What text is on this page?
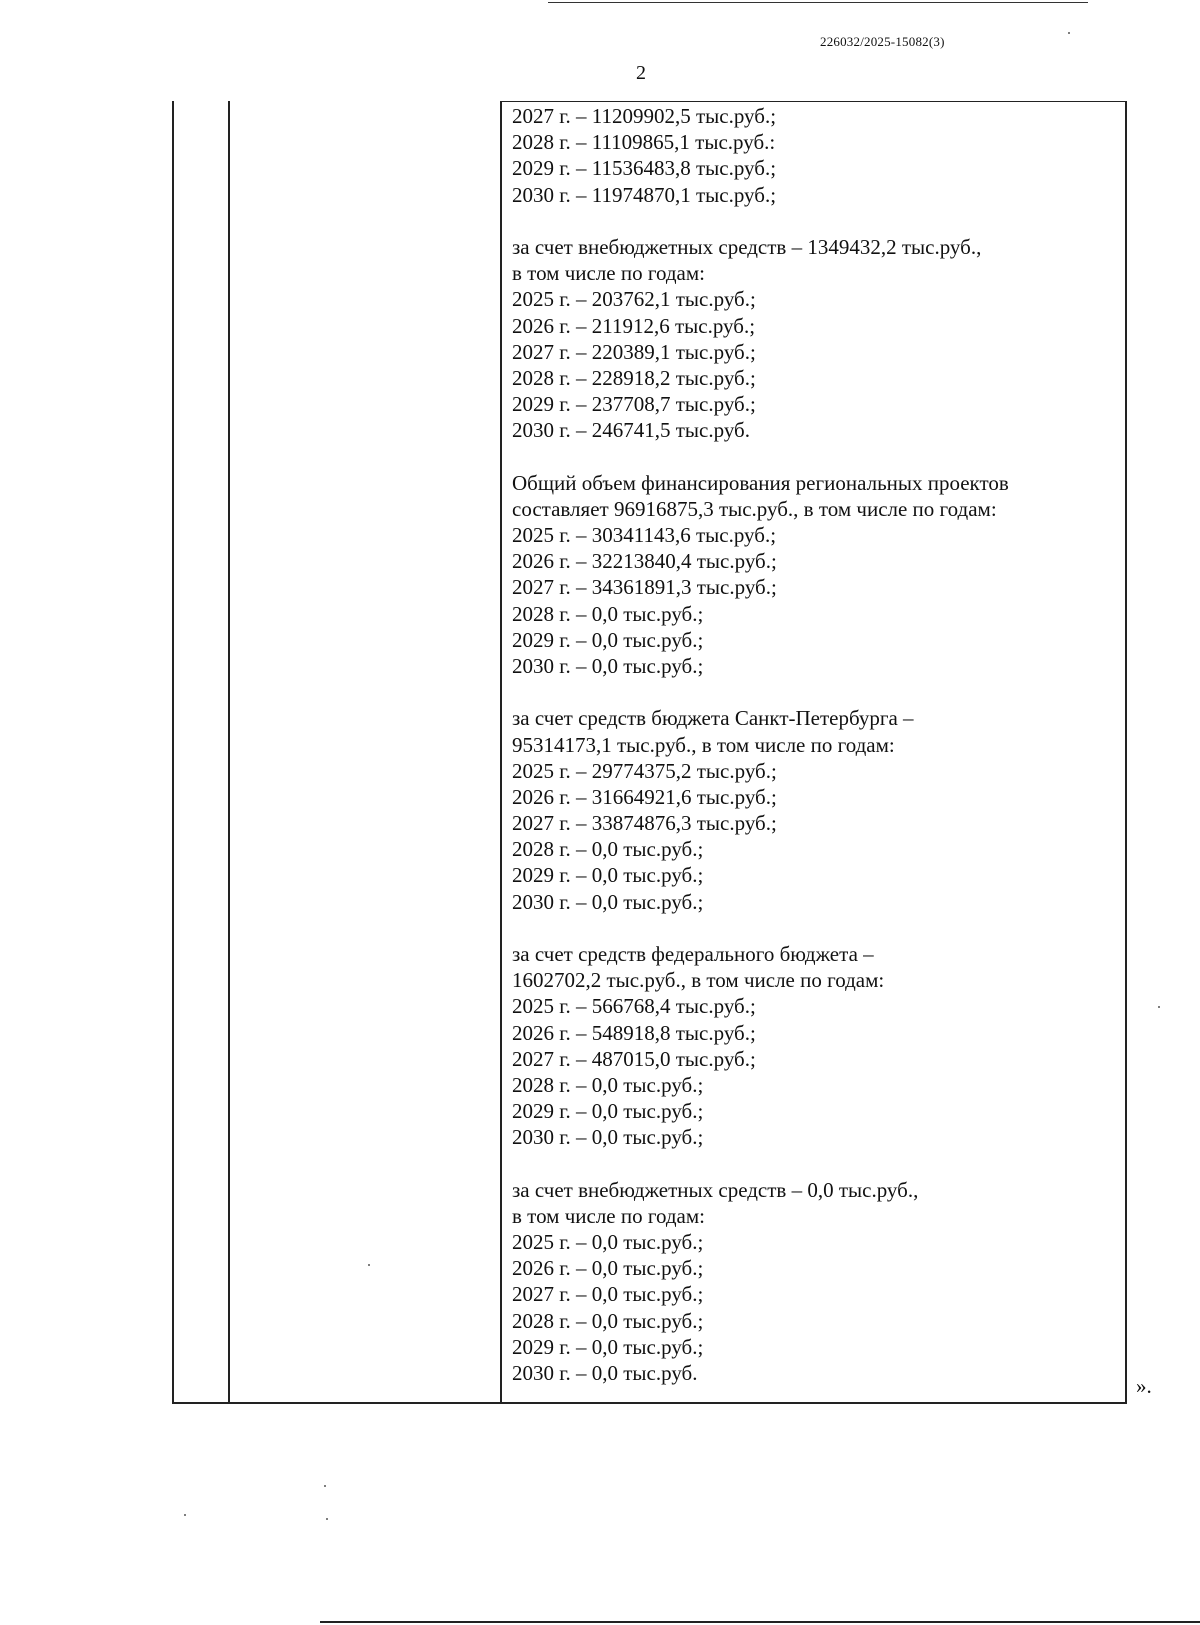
226032/2025-15082(3)
2
2027 г. – 11209902,5 тыс.руб.;
2028 г. – 11109865,1 тыс.руб.:
2029 г. – 11536483,8 тыс.руб.;
2030 г. – 11974870,1 тыс.руб.;
за счет внебюджетных средств – 1349432,2 тыс.руб.,
в том числе по годам:
2025 г. – 203762,1 тыс.руб.;
2026 г. – 211912,6 тыс.руб.;
2027 г. – 220389,1 тыс.руб.;
2028 г. – 228918,2 тыс.руб.;
2029 г. – 237708,7 тыс.руб.;
2030 г. – 246741,5 тыс.руб.
Общий объем финансирования региональных проектов
составляет 96916875,3 тыс.руб., в том числе по годам:
2025 г. – 30341143,6 тыс.руб.;
2026 г. – 32213840,4 тыс.руб.;
2027 г. – 34361891,3 тыс.руб.;
2028 г. – 0,0 тыс.руб.;
2029 г. – 0,0 тыс.руб.;
2030 г. – 0,0 тыс.руб.;
за счет средств бюджета Санкт-Петербурга –
95314173,1 тыс.руб., в том числе по годам:
2025 г. – 29774375,2 тыс.руб.;
2026 г. – 31664921,6 тыс.руб.;
2027 г. – 33874876,3 тыс.руб.;
2028 г. – 0,0 тыс.руб.;
2029 г. – 0,0 тыс.руб.;
2030 г. – 0,0 тыс.руб.;
за счет средств федерального бюджета –
1602702,2 тыс.руб., в том числе по годам:
2025 г. – 566768,4 тыс.руб.;
2026 г. – 548918,8 тыс.руб.;
2027 г. – 487015,0 тыс.руб.;
2028 г. – 0,0 тыс.руб.;
2029 г. – 0,0 тыс.руб.;
2030 г. – 0,0 тыс.руб.;
за счет внебюджетных средств – 0,0 тыс.руб.,
в том числе по годам:
2025 г. – 0,0 тыс.руб.;
2026 г. – 0,0 тыс.руб.;
2027 г. – 0,0 тыс.руб.;
2028 г. – 0,0 тыс.руб.;
2029 г. – 0,0 тыс.руб.;
2030 г. – 0,0 тыс.руб.
».
